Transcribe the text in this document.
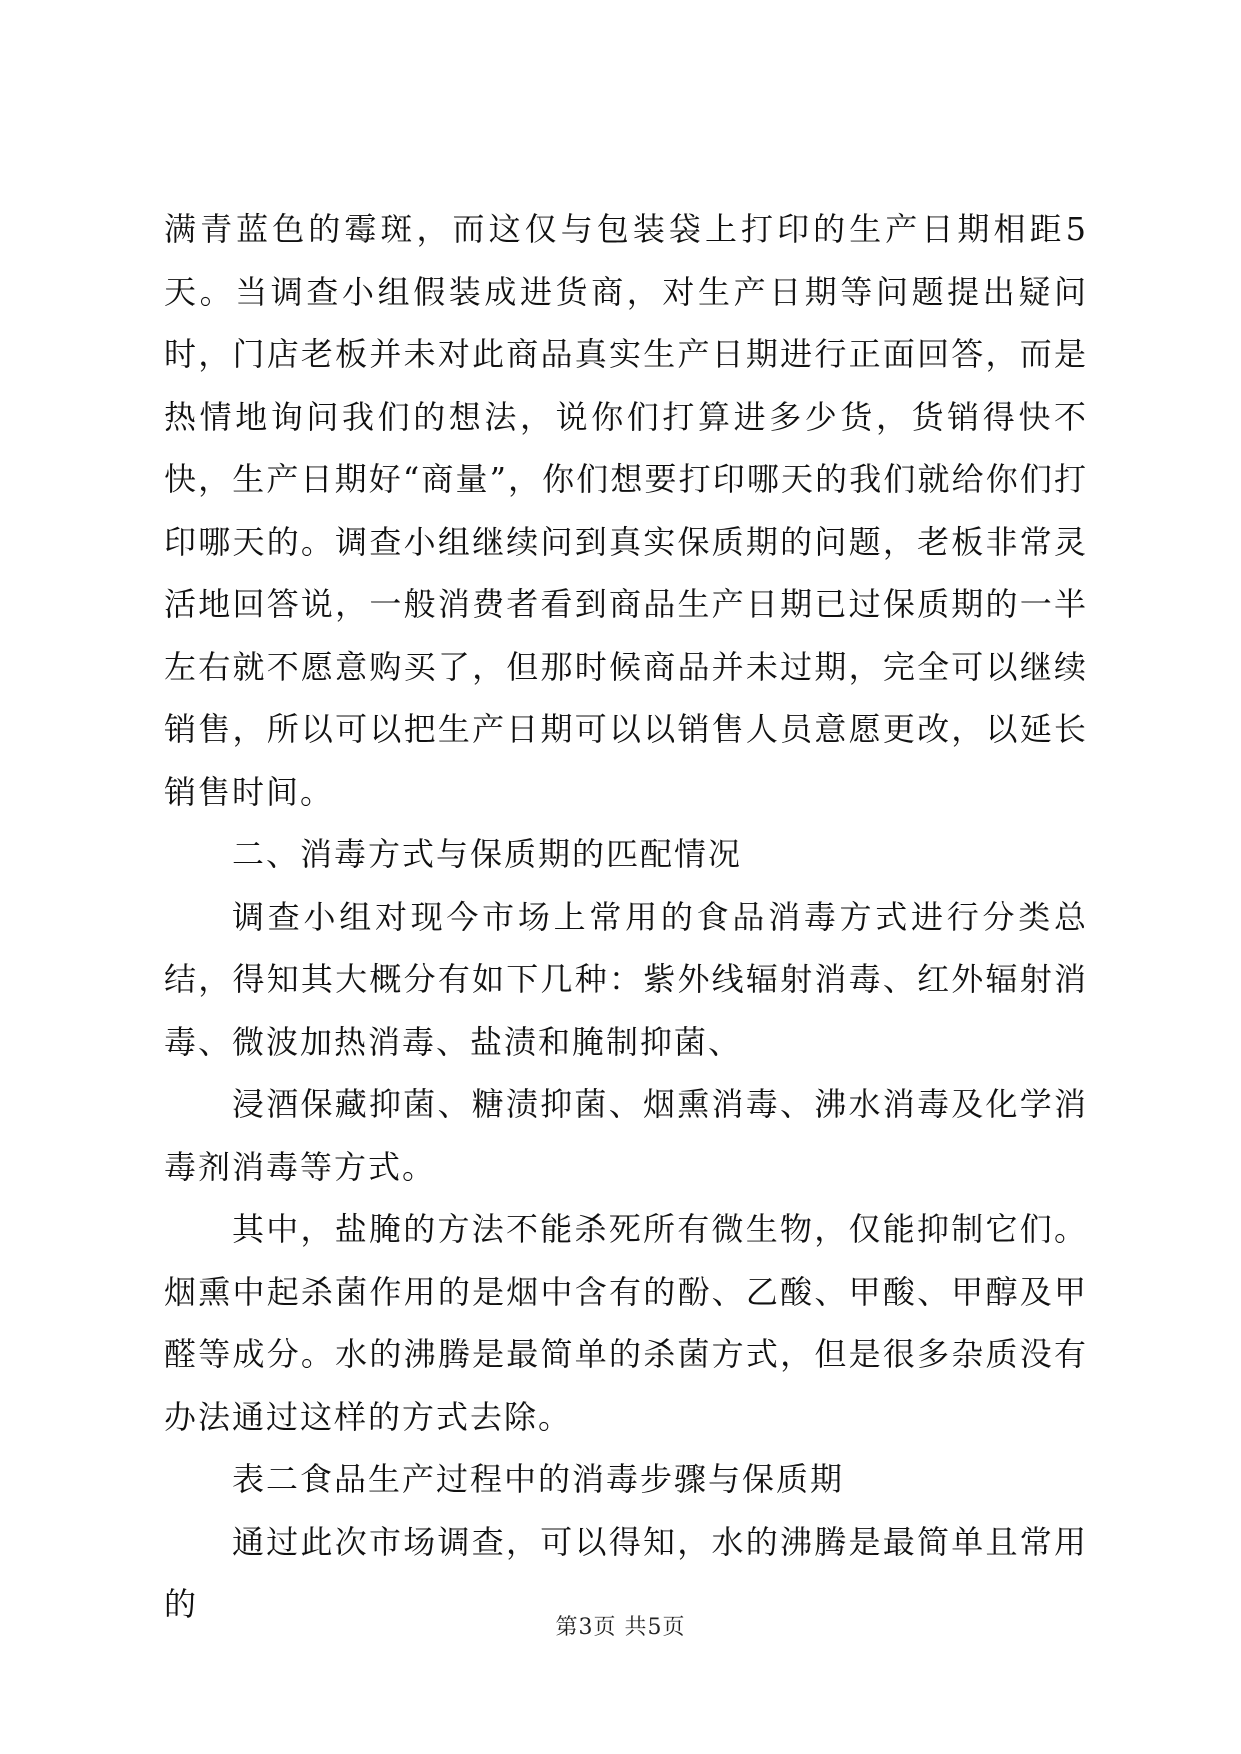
满青蓝色的霉斑，而这仅与包装袋上打印的生产日期相距5天。当调查小组假装成进货商，对生产日期等问题提出疑问时，门店老板并未对此商品真实生产日期进行正面回答，而是热情地询问我们的想法，说你们打算进多少货，货销得快不快，生产日期好“商量”，你们想要打印哪天的我们就给你们打印哪天的。调查小组继续问到真实保质期的问题，老板非常灵活地回答说，一般消费者看到商品生产日期已过保质期的一半左右就不愿意购买了，但那时候商品并未过期，完全可以继续销售，所以可以把生产日期可以以销售人员意愿更改，以延长销售时间。

二、消毒方式与保质期的匹配情况

调查小组对现今市场上常用的食品消毒方式进行分类总结，得知其大概分有如下几种：紫外线辐射消毒、红外辐射消毒、微波加热消毒、盐渍和腌制抑菌、

浸酒保藏抑菌、糖渍抑菌、烟熏消毒、沸水消毒及化学消毒剂消毒等方式。

其中，盐腌的方法不能杀死所有微生物，仅能抑制它们。烟熏中起杀菌作用的是烟中含有的酚、乙酸、甲酸、甲醇及甲醛等成分。水的沸腾是最简单的杀菌方式，但是很多杂质没有办法通过这样的方式去除。

表二食品生产过程中的消毒步骤与保质期

通过此次市场调查，可以得知，水的沸腾是最简单且常用的

第3页 共5页
